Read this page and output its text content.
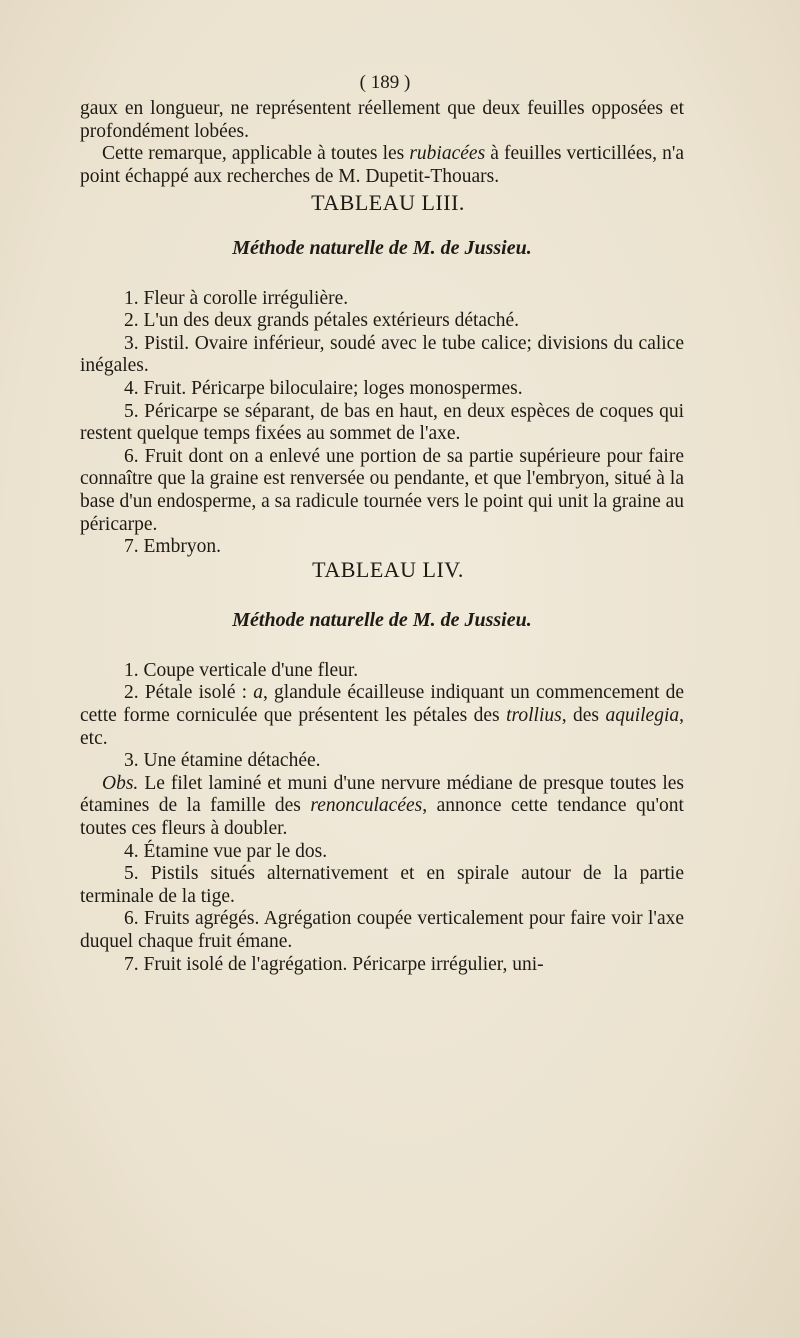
( 189 )

gaux en longueur, ne représentent réellement que deux feuilles opposées et profondément lobées.

Cette remarque, applicable à toutes les rubiacées à feuilles verticillées, n'a point échappé aux recherches de M. Dupetit-Thouars.

TABLEAU LIII.
Méthode naturelle de M. de Jussieu.

1. Fleur à corolle irrégulière.

2. L'un des deux grands pétales extérieurs détaché.

3. Pistil. Ovaire inférieur, soudé avec le tube calice; divisions du calice inégales.

4. Fruit. Péricarpe biloculaire; loges monospermes.

5. Péricarpe se séparant, de bas en haut, en deux espèces de coques qui restent quelque temps fixées au sommet de l'axe.

6. Fruit dont on a enlevé une portion de sa partie supérieure pour faire connaître que la graine est renversée ou pendante, et que l'embryon, situé à la base d'un endosperme, a sa radicule tournée vers le point qui unit la graine au péricarpe.

7. Embryon.

TABLEAU LIV.
Méthode naturelle de M. de Jussieu.

1. Coupe verticale d'une fleur.

2. Pétale isolé : a, glandule écailleuse indiquant un commencement de cette forme corniculée que présentent les pétales des trollius, des aquilegia, etc.

3. Une étamine détachée.

Obs. Le filet laminé et muni d'une nervure médiane de presque toutes les étamines de la famille des renonculacées, annonce cette tendance qu'ont toutes ces fleurs à doubler.

4. Étamine vue par le dos.

5. Pistils situés alternativement et en spirale autour de la partie terminale de la tige.

6. Fruits agrégés. Agrégation coupée verticalement pour faire voir l'axe duquel chaque fruit émane.

7. Fruit isolé de l'agrégation. Péricarpe irrégulier, uni-
